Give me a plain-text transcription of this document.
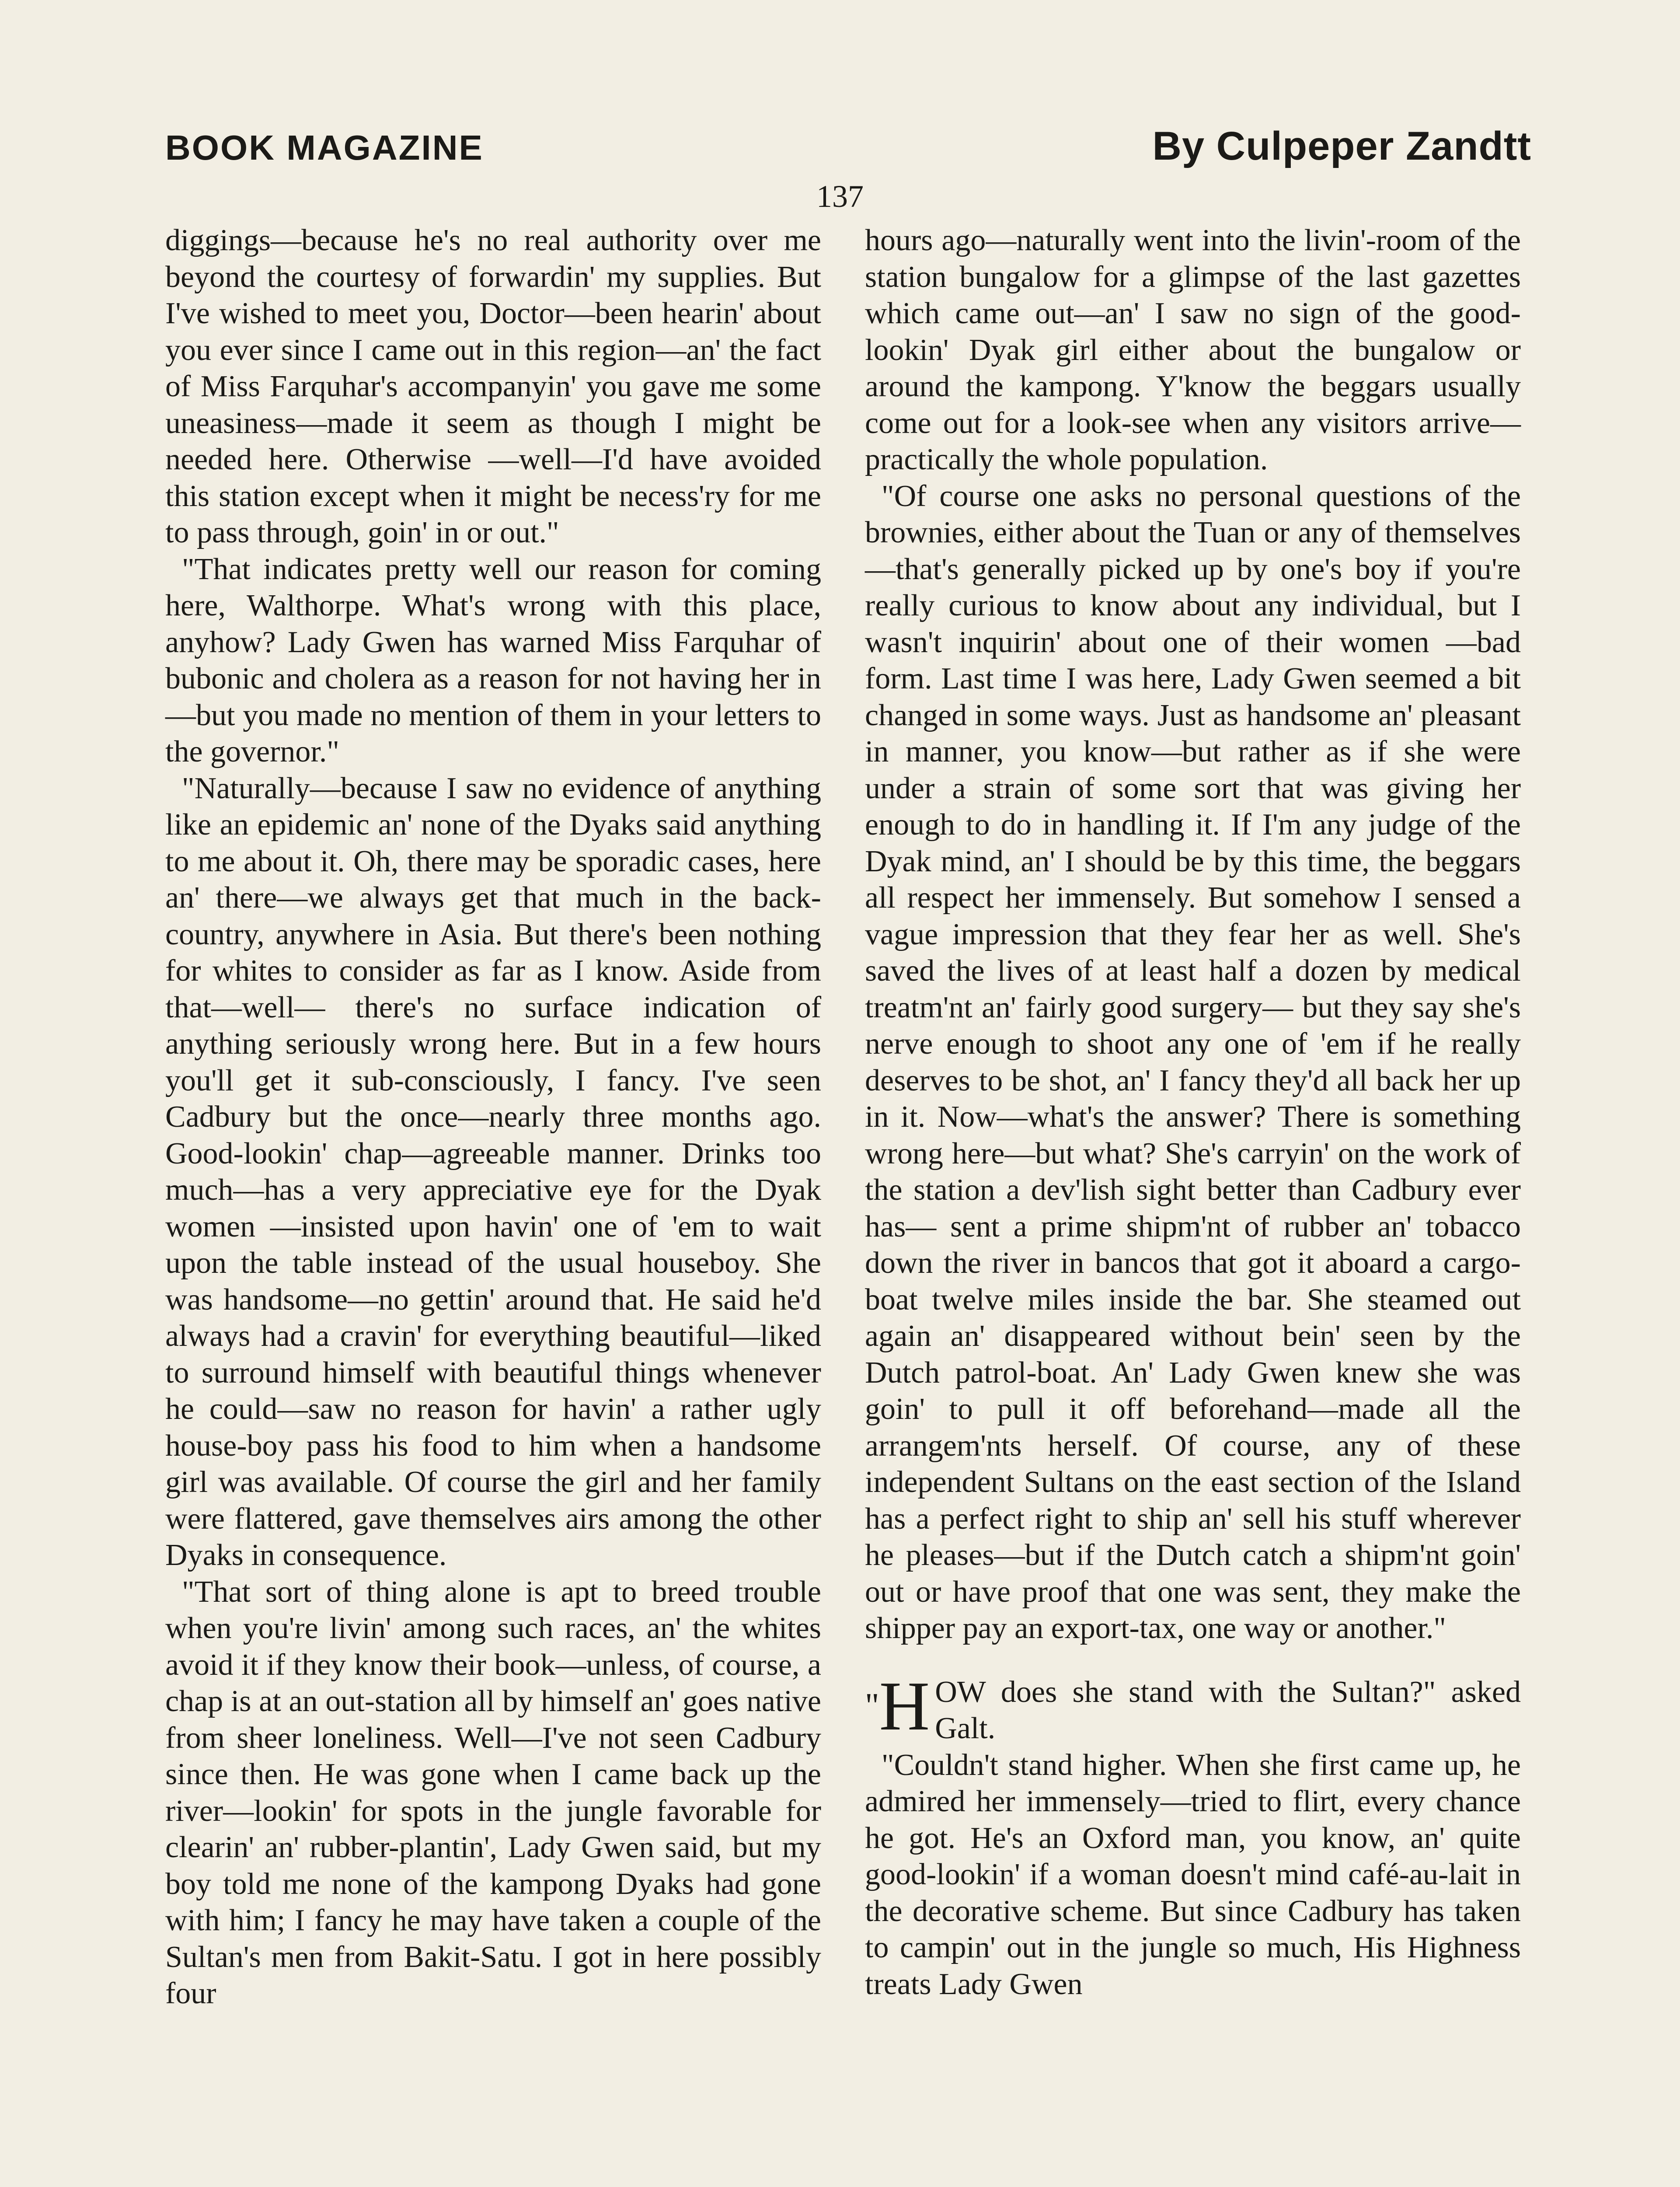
BOOK MAGAZINE	By Culpeper Zandtt
137

diggings—because he's no real authority over me beyond the courtesy of forwardin' my supplies. But I've wished to meet you, Doctor—been hearin' about you ever since I came out in this region—an' the fact of Miss Farquhar's accompanyin' you gave me some uneasiness—made it seem as though I might be needed here. Otherwise —well—I'd have avoided this station except when it might be necess'ry for me to pass through, goin' in or out."

"That indicates pretty well our reason for coming here, Walthorpe. What's wrong with this place, anyhow? Lady Gwen has warned Miss Farquhar of bubonic and cholera as a reason for not having her in—but you made no mention of them in your letters to the governor."

"Naturally—because I saw no evidence of anything like an epidemic an' none of the Dyaks said anything to me about it. Oh, there may be sporadic cases, here an' there—we always get that much in the back-country, anywhere in Asia. But there's been nothing for whites to consider as far as I know. Aside from that—well— there's no surface indication of anything seriously wrong here. But in a few hours you'll get it sub-consciously, I fancy. I've seen Cadbury but the once—nearly three months ago. Good-lookin' chap—agreeable manner. Drinks too much—has a very appreciative eye for the Dyak women —insisted upon havin' one of 'em to wait upon the table instead of the usual houseboy. She was handsome—no gettin' around that. He said he'd always had a cravin' for everything beautiful—liked to surround himself with beautiful things whenever he could—saw no reason for havin' a rather ugly house-boy pass his food to him when a handsome girl was available. Of course the girl and her family were flattered, gave themselves airs among the other Dyaks in consequence.

"That sort of thing alone is apt to breed trouble when you're livin' among such races, an' the whites avoid it if they know their book—unless, of course, a chap is at an out-station all by himself an' goes native from sheer loneliness. Well—I've not seen Cadbury since then. He was gone when I came back up the river—lookin' for spots in the jungle favorable for clearin' an' rubber-plantin', Lady Gwen said, but my boy told me none of the kampong Dyaks had gone with him; I fancy he may have taken a couple of the Sultan's men from Bakit-Satu. I got in here possibly four

hours ago—naturally went into the livin'-room of the station bungalow for a glimpse of the last gazettes which came out—an' I saw no sign of the good-lookin' Dyak girl either about the bungalow or around the kampong. Y'know the beggars usually come out for a look-see when any visitors arrive—practically the whole population.

"Of course one asks no personal questions of the brownies, either about the Tuan or any of themselves—that's generally picked up by one's boy if you're really curious to know about any individual, but I wasn't inquirin' about one of their women —bad form. Last time I was here, Lady Gwen seemed a bit changed in some ways. Just as handsome an' pleasant in manner, you know—but rather as if she were under a strain of some sort that was giving her enough to do in handling it. If I'm any judge of the Dyak mind, an' I should be by this time, the beggars all respect her immensely. But somehow I sensed a vague impression that they fear her as well. She's saved the lives of at least half a dozen by medical treatm'nt an' fairly good surgery— but they say she's nerve enough to shoot any one of 'em if he really deserves to be shot, an' I fancy they'd all back her up in it. Now—what's the answer? There is something wrong here—but what? She's carryin' on the work of the station a dev'lish sight better than Cadbury ever has— sent a prime shipm'nt of rubber an' tobacco down the river in bancos that got it aboard a cargo-boat twelve miles inside the bar. She steamed out again an' disappeared without bein' seen by the Dutch patrol-boat. An' Lady Gwen knew she was goin' to pull it off beforehand—made all the arrangem'nts herself. Of course, any of these independent Sultans on the east section of the Island has a perfect right to ship an' sell his stuff wherever he pleases—but if the Dutch catch a shipm'nt goin' out or have proof that one was sent, they make the shipper pay an export-tax, one way or another."

"H OW does she stand with the Sultan?" asked Galt.

"Couldn't stand higher. When she first came up, he admired her immensely—tried to flirt, every chance he got. He's an Oxford man, you know, an' quite good-lookin' if a woman doesn't mind café-au-lait in the decorative scheme. But since Cadbury has taken to campin' out in the jungle so much, His Highness treats Lady Gwen
